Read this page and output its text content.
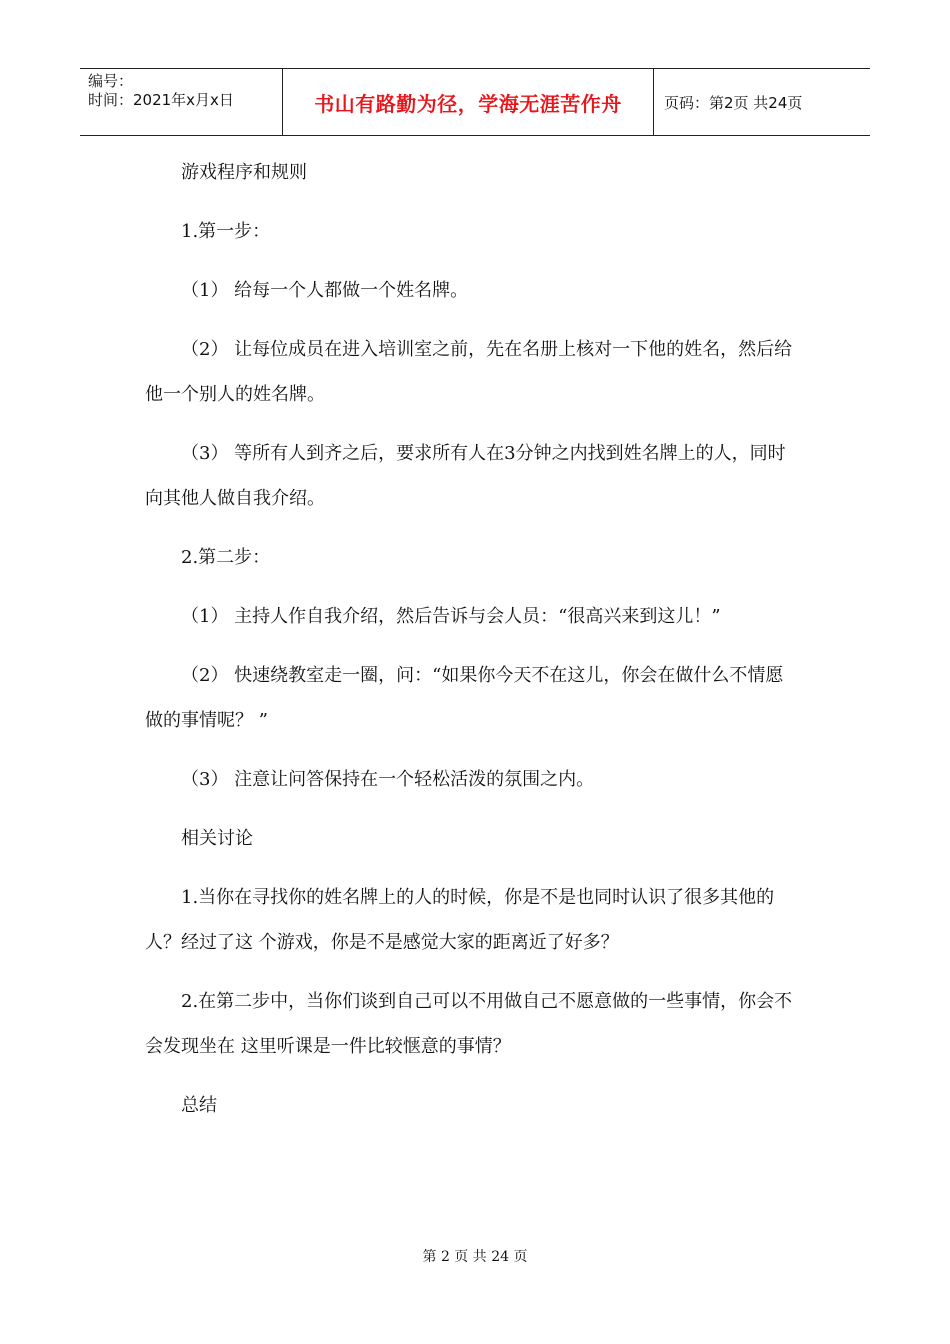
编号：
时间：2021年x月x日	书山有路勤为径，学海无涯苦作舟	页码：第2页 共24页

游戏程序和规则

1.第一步：

（1） 给每一个人都做一个姓名牌。

（2） 让每位成员在进入培训室之前，先在名册上核对一下他的姓名，然后给他一个别人的姓名牌。

（3） 等所有人到齐之后，要求所有人在3分钟之内找到姓名牌上的人，同时向其他人做自我介绍。

2.第二步：

（1） 主持人作自我介绍，然后告诉与会人员：“很高兴来到这儿！”

（2） 快速绕教室走一圈，问：“如果你今天不在这儿，你会在做什么不情愿做的事情呢？ ”

（3） 注意让问答保持在一个轻松活泼的氛围之内。

相关讨论

1.当你在寻找你的姓名牌上的人的时候，你是不是也同时认识了很多其他的人？经过了这 个游戏，你是不是感觉大家的距离近了好多？

2.在第二步中，当你们谈到自己可以不用做自己不愿意做的一些事情，你会不会发现坐在 这里听课是一件比较惬意的事情？

总结

第 2 页 共 24 页
